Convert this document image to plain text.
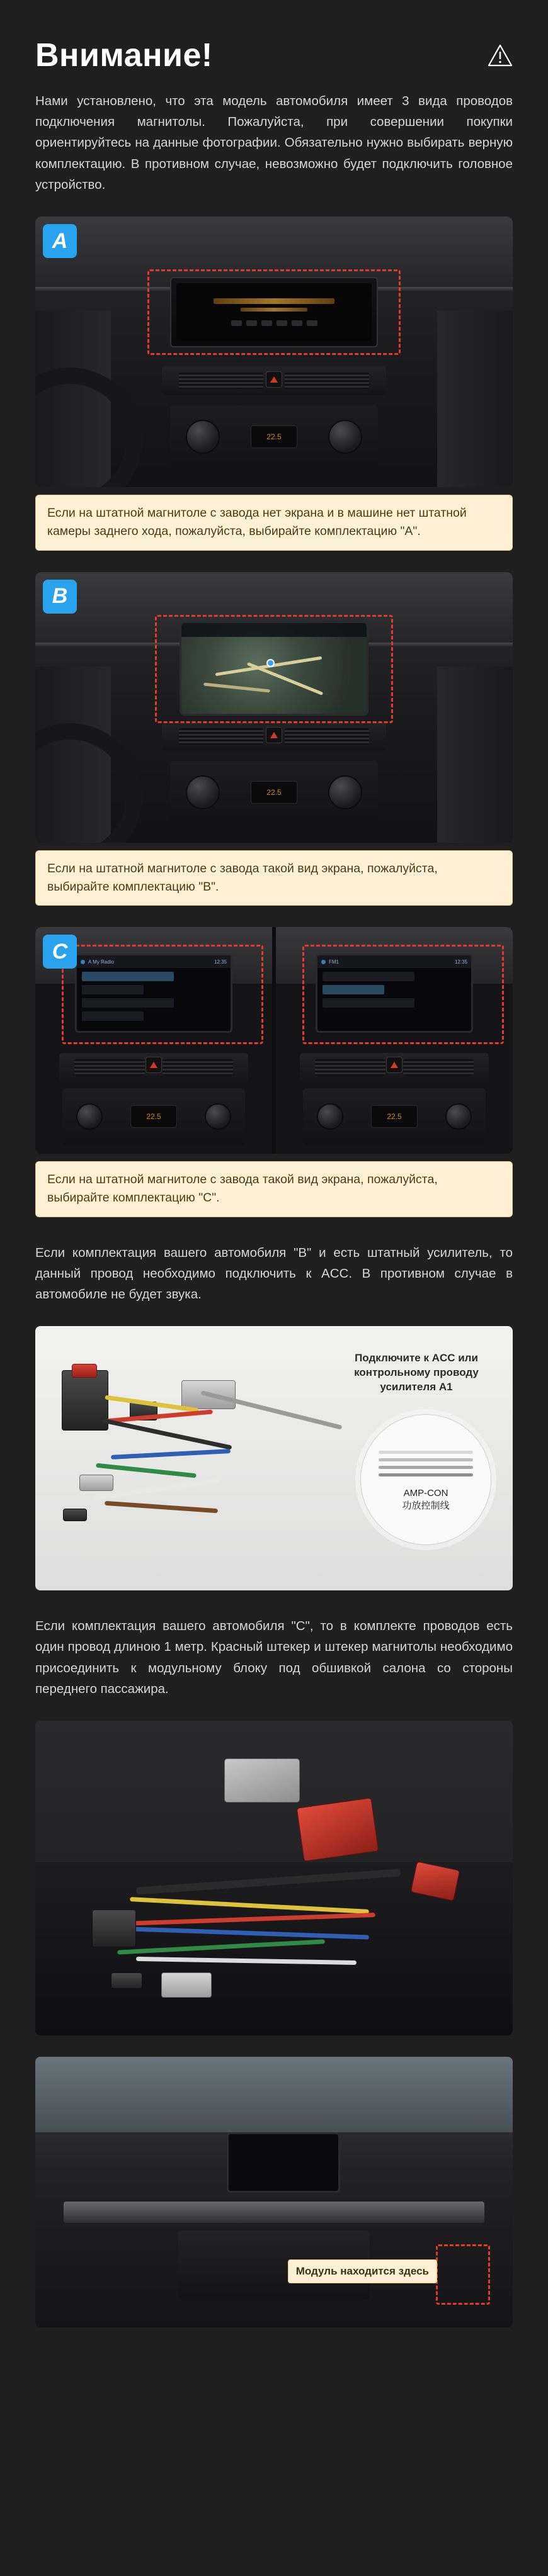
Внимание!

Нами установлено, что эта модель автомобиля имеет 3 вида проводов подключения магнитолы. Пожалуйста, при совершении покупки ориентируйтесь на данные фотографии. Обязательно нужно выбирать верную комплектацию. В противном случае, невозможно будет подключить головное устройство.

A
22.5
Если на штатной магнитоле с завода нет экрана и в машине нет штатной камеры заднего хода, пожалуйста, выбирайте комплектацию "A".
B
22.5
Если на штатной магнитоле с завода такой вид экрана, пожалуйста, выбирайте комплектацию "B".
C	A My Radio	12:35
22.5
FM1	12:35
22.5
Если на штатной магнитоле с завода такой вид экрана, пожалуйста, выбирайте комплектацию "C".

Если комплектация вашего автомобиля "B" и есть штатный усилитель, то данный провод необходимо подключить к ACC. В противном случае в автомобиле не будет звука.

Подключите к ACC или контрольному проводу усилителя A1
AMP-CON
功放控制线

Если комплектация вашего автомобиля "C", то в комплекте проводов есть один провод длиною 1 метр. Красный штекер и штекер магнитолы необходимо присоединить к модульному блоку под обшивкой салона со стороны переднего пассажира.

Модуль находится здесь
